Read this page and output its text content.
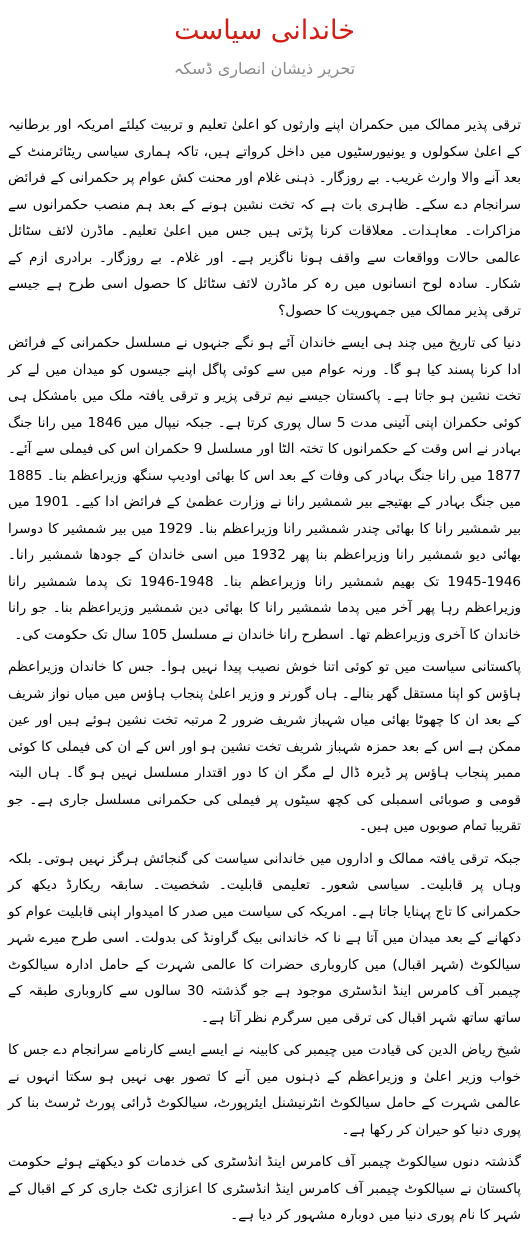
خاندانی سیاست

تحریر ذیشان انصاری ڈسکہ

ترقی پذیر ممالک میں حکمران اپنے وارثوں کو اعلیٰ تعلیم و تربیت کیلئے امریکہ اور برطانیہ کے اعلیٰ سکولوں و یونیورسٹیوں میں داخل کرواتے ہیں، تاکہ ہماری سیاسی ریٹائرمنٹ کے بعد آنے والا وارث غریب۔ بے روزگار۔ ذہنی غلام اور محنت کش عوام پر حکمرانی کے فرائض سرانجام دے سکے۔ ظاہری بات ہے کہ تخت نشین ہونے کے بعد ہم منصب حکمرانوں سے مزاکرات۔ معاہدات۔ معلاقات کرنا پڑتی ہیں جس میں اعلیٰ تعلیم۔ ماڈرن لائف سٹائل عالمی حالات وواقعات سے واقف ہونا ناگزیر ہے۔ اور غلام۔ بے روزگار۔ برادری ازم کے شکار۔ سادہ لوح انسانوں میں رہ کر ماڈرن لائف سٹائل کا حصول اسی طرح ہے جیسے ترقی پذیر ممالک میں جمہوریت کا حصول؟

دنیا کی تاریخ میں چند ہی ایسے خاندان آئے ہو نگے جنہوں نے مسلسل حکمرانی کے فرائض ادا کرنا پسند کیا ہو گا۔ ورنہ عوام میں سے کوئی پاگل اپنے جیسوں کو میدان میں لے کر تخت نشین ہو جاتا ہے۔ پاکستان جیسے نیم ترقی پزیر و ترقی یافتہ ملک میں بامشکل ہی کوئی حکمران اپنی آئینی مدت 5 سال پوری کرتا ہے۔ جبکہ نیپال میں 1846 میں رانا جنگ بہادر نے اس وقت کے حکمرانوں کا تختہ الٹا اور مسلسل 9 حکمران اس کی فیملی سے آئے۔ 1877 میں رانا جنگ بہادر کی وفات کے بعد اس کا بھائی اودیپ سنگھ وزیراعظم بنا۔ 1885 میں جنگ بہادر کے بھتیجے بیر شمشیر رانا نے وزارت عظمیٰ کے فرائض ادا کیے۔ 1901 میں بیر شمشیر رانا کا بھائی چندر شمشیر رانا وزیراعظم بنا۔ 1929 میں بیر شمشیر کا دوسرا بھائی دیو شمشیر رانا وزیراعظم بنا پھر 1932 میں اسی خاندان کے جودھا شمشیر رانا۔ 1946-1945 تک بھیم شمشیر رانا وزیراعظم بنا۔ 1948-1946 تک پدما شمشیر رانا وزیراعظم رہا پھر آخر میں پدما شمشیر رانا کا بھائی دین شمشیر وزیراعظم بنا۔ جو رانا خاندان کا آخری وزیراعظم تھا۔ اسطرح رانا خاندان نے مسلسل 105 سال تک حکومت کی۔

پاکستانی سیاست میں تو کوئی اتنا خوش نصیب پیدا نہیں ہوا۔ جس کا خاندان وزیراعظم ہاؤس کو اپنا مستقل گھر بنالے۔ ہاں گورنر و وزیر اعلیٰ پنجاب ہاؤس میں میاں نواز شریف کے بعد ان کا چھوٹا بھائی میاں شہباز شریف ضرور 2 مرتبہ تخت نشین ہوئے ہیں اور عین ممکن ہے اس کے بعد حمزہ شہباز شریف تخت نشین ہو اور اس کے ان کی فیملی کا کوئی ممبر پنجاب ہاؤس پر ڈیرہ ڈال لے مگر ان کا دور اقتدار مسلسل نہیں ہو گا۔ ہاں البتہ قومی و صوبائی اسمبلی کی کچھ سیٹوں پر فیملی کی حکمرانی مسلسل جاری ہے۔ جو تقریبا تمام صوبوں میں ہیں۔

جبکہ ترقی یافتہ ممالک و اداروں میں خاندانی سیاست کی گنجائش ہرگز نہیں ہوتی۔ بلکہ وہاں پر قابلیت۔ سیاسی شعور۔ تعلیمی قابلیت۔ شخصیت۔ سابقہ ریکارڈ دیکھ کر حکمرانی کا تاج پہنایا جاتا ہے۔ امریکہ کی سیاست میں صدر کا امیدوار اپنی قابلیت عوام کو دکھانے کے بعد میدان میں آتا ہے نا کہ خاندانی بیک گراونڈ کی بدولت۔ اسی طرح میرے شہر سیالکوٹ (شہر اقبال) میں کاروباری حضرات کا عالمی شہرت کے حامل ادارہ سیالکوٹ چیمبر آف کامرس اینڈ انڈسٹری موجود ہے جو گذشتہ 30 سالوں سے کاروباری طبقہ کے ساتھ ساتھ شہر اقبال کی ترقی میں سرگرم نظر آتا ہے۔

شیخ ریاض الدین کی قیادت میں چیمبر کی کابینہ نے ایسے ایسے کارنامے سرانجام دے جس کا خواب وزیر اعلیٰ و وزیراعظم کے ذہنوں میں آنے کا تصور بھی نہیں ہو سکتا انہوں نے عالمی شہرت کے حامل سیالکوٹ انٹرنیشنل ایئرپورٹ، سیالکوٹ ڈرائی پورٹ ٹرسٹ بنا کر پوری دنیا کو حیران کر رکھا ہے۔

گذشتہ دنوں سیالکوٹ چیمبر آف کامرس اینڈ انڈسٹری کی خدمات کو دیکھتے ہوئے حکومت پاکستان نے سیالکوٹ چیمبر آف کامرس اینڈ انڈسٹری کا اعزازی ٹکٹ جاری کر کے اقبال کے شہر کا نام پوری دنیا میں دوبارہ مشہور کر دیا ہے۔
